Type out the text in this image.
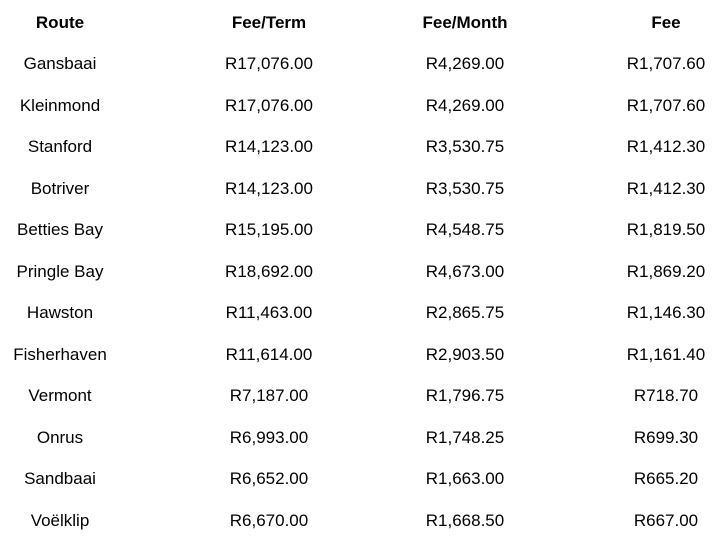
Route	Fee/Term	Fee/Month	Fee
Gansbaai	R17,076.00	R4,269.00	R1,707.60
Kleinmond	R17,076.00	R4,269.00	R1,707.60
Stanford	R14,123.00	R3,530.75	R1,412.30
Botriver	R14,123.00	R3,530.75	R1,412.30
Betties Bay	R15,195.00	R4,548.75	R1,819.50
Pringle Bay	R18,692.00	R4,673.00	R1,869.20
Hawston	R11,463.00	R2,865.75	R1,146.30
Fisherhaven	R11,614.00	R2,903.50	R1,161.40
Vermont	R7,187.00	R1,796.75	R718.70
Onrus	R6,993.00	R1,748.25	R699.30
Sandbaai	R6,652.00	R1,663.00	R665.20
Voëlklip	R6,670.00	R1,668.50	R667.00
